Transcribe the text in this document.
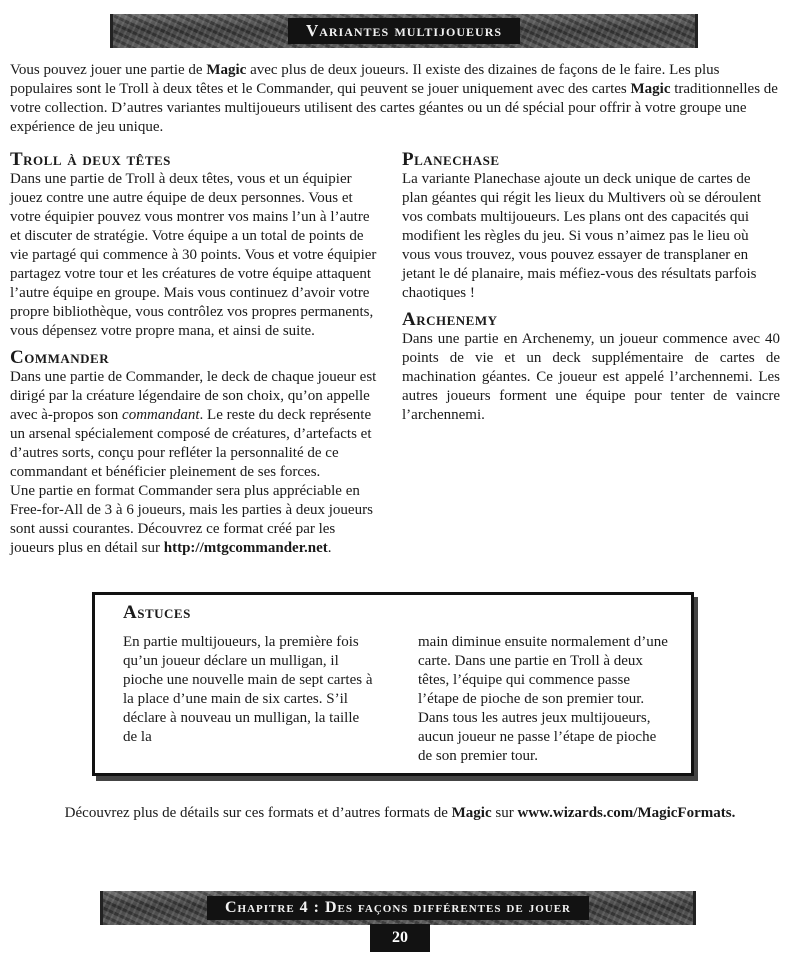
Variantes multijoueurs

Vous pouvez jouer une partie de Magic avec plus de deux joueurs. Il existe des dizaines de façons de le faire. Les plus populaires sont le Troll à deux têtes et le Commander, qui peuvent se jouer uniquement avec des cartes Magic traditionnelles de votre collection. D’autres variantes multijoueurs utilisent des cartes géantes ou un dé spécial pour offrir à votre groupe une expérience de jeu unique.

Troll à deux têtes

Dans une partie de Troll à deux têtes, vous et un équipier jouez contre une autre équipe de deux personnes. Vous et votre équipier pouvez vous montrer vos mains l’un à l’autre et discuter de stratégie. Votre équipe a un total de points de vie partagé qui commence à 30 points. Vous et votre équipier partagez votre tour et les créatures de votre équipe attaquent l’autre équipe en groupe. Mais vous continuez d’avoir votre propre bibliothèque, vous contrôlez vos propres permanents, vous dépensez votre propre mana, et ainsi de suite.

Commander

Dans une partie de Commander, le deck de chaque joueur est dirigé par la créature légendaire de son choix, qu’on appelle avec à-propos son commandant. Le reste du deck représente un arsenal spécialement composé de créatures, d’artefacts et d’autres sorts, conçu pour refléter la personnalité de ce commandant et bénéficier pleinement de ses forces.

Une partie en format Commander sera plus appréciable en Free-for-All de 3 à 6 joueurs, mais les parties à deux joueurs sont aussi courantes. Découvrez ce format créé par les joueurs plus en détail sur http://mtgcommander.net.

Planechase

La variante Planechase ajoute un deck unique de cartes de plan géantes qui régit les lieux du Multivers où se déroulent vos combats multijoueurs. Les plans ont des capacités qui modifient les règles du jeu. Si vous n’aimez pas le lieu où vous vous trouvez, vous pouvez essayer de transplaner en jetant le dé planaire, mais méfiez-vous des résultats parfois chaotiques !

Archenemy

Dans une partie en Archenemy, un joueur commence avec 40 points de vie et un deck supplémentaire de cartes de machination géantes. Ce joueur est appelé l’archennemi. Les autres joueurs forment une équipe pour tenter de vaincre l’archennemi.

Astuces

En partie multijoueurs, la première fois qu’un joueur déclare un mulligan, il pioche une nouvelle main de sept cartes à la place d’une main de six cartes. S’il déclare à nouveau un mulligan, la taille de la

main diminue ensuite normalement d’une carte. Dans une partie en Troll à deux têtes, l’équipe qui commence passe l’étape de pioche de son premier tour. Dans tous les autres jeux multijoueurs, aucun joueur ne passe l’étape de pioche de son premier tour.

Découvrez plus de détails sur ces formats et d’autres formats de Magic sur www.wizards.com/MagicFormats.

Chapitre 4 : Des façons différentes de jouer
20
